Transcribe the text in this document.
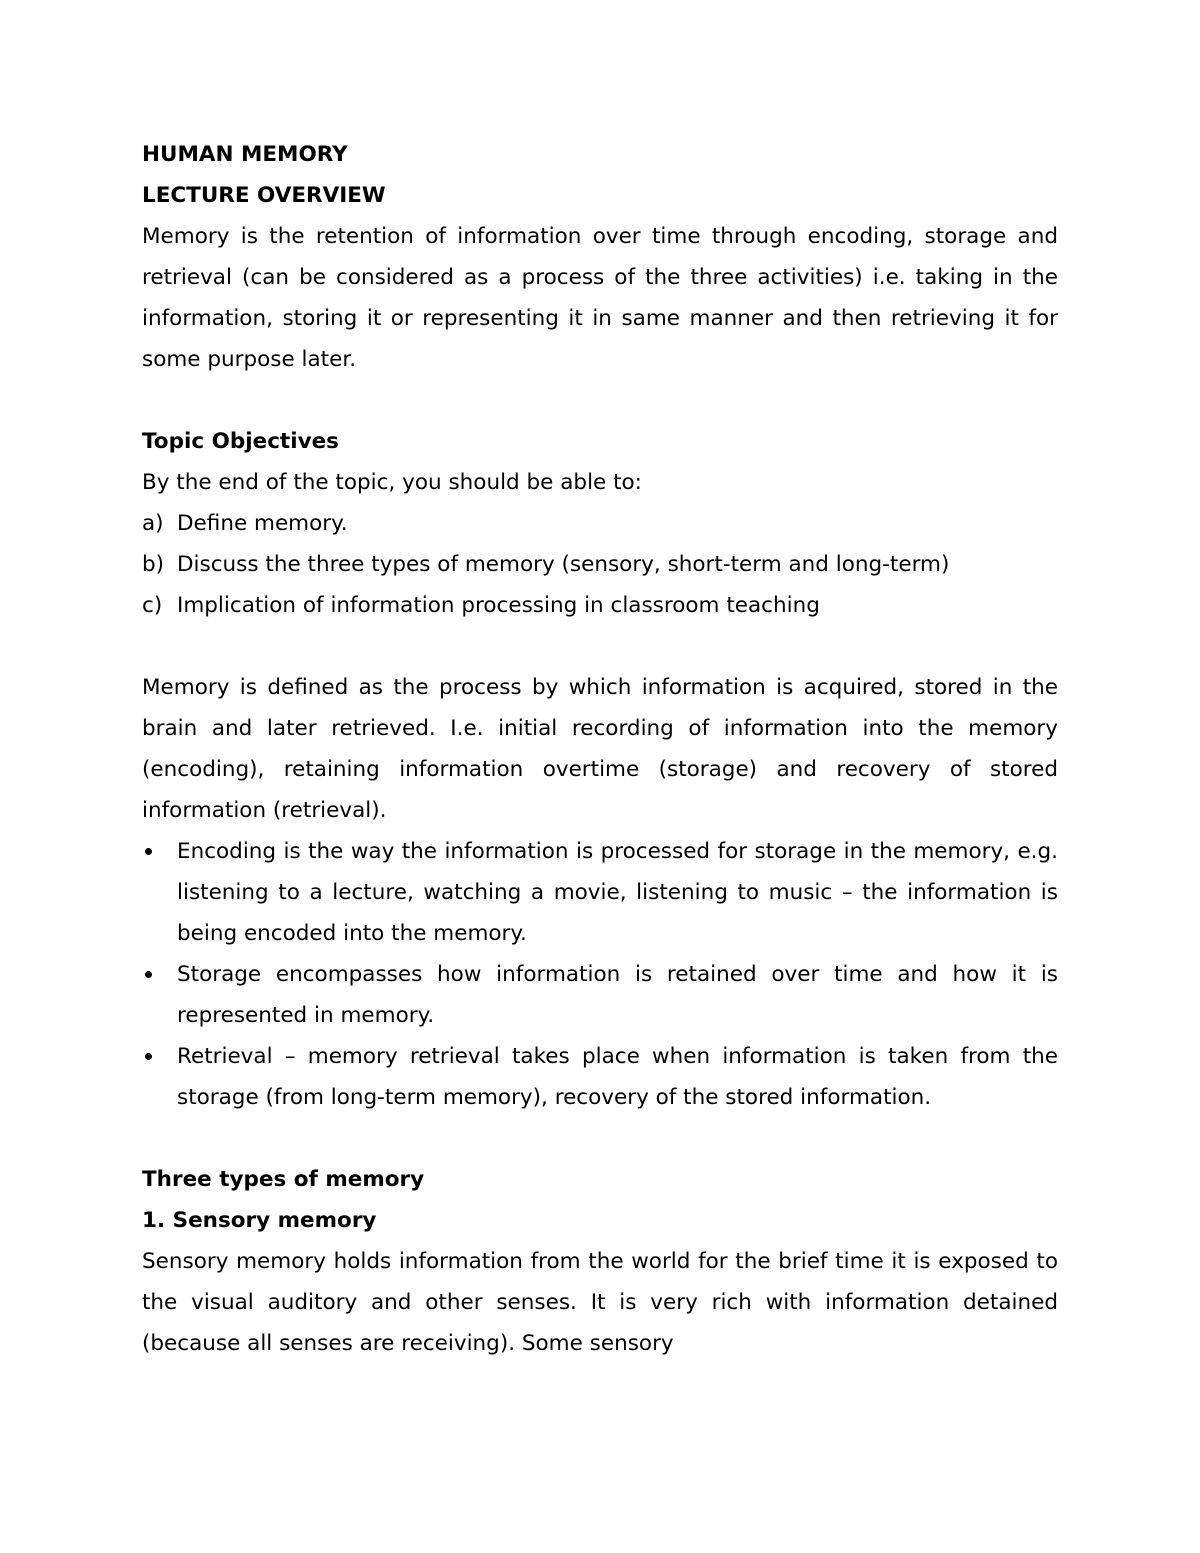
HUMAN MEMORY

LECTURE OVERVIEW

Memory is the retention of information over time through encoding, storage and retrieval (can be considered as a process of the three activities) i.e. taking in the information, storing it or representing it in same manner and then retrieving it for some purpose later.

Topic Objectives

By the end of the topic, you should be able to:

a) Define memory.
b) Discuss the three types of memory (sensory, short-term and long-term)
c) Implication of information processing in classroom teaching

Memory is defined as the process by which information is acquired, stored in the brain and later retrieved. I.e. initial recording of information into the memory (encoding), retaining information overtime (storage) and recovery of stored information (retrieval).

Encoding is the way the information is processed for storage in the memory, e.g. listening to a lecture, watching a movie, listening to music – the information is being encoded into the memory.
Storage encompasses how information is retained over time and how it is represented in memory.
Retrieval – memory retrieval takes place when information is taken from the storage (from long-term memory), recovery of the stored information.

Three types of memory

1. Sensory memory

Sensory memory holds information from the world for the brief time it is exposed to the visual auditory and other senses. It is very rich with information detained (because all senses are receiving). Some sensory
